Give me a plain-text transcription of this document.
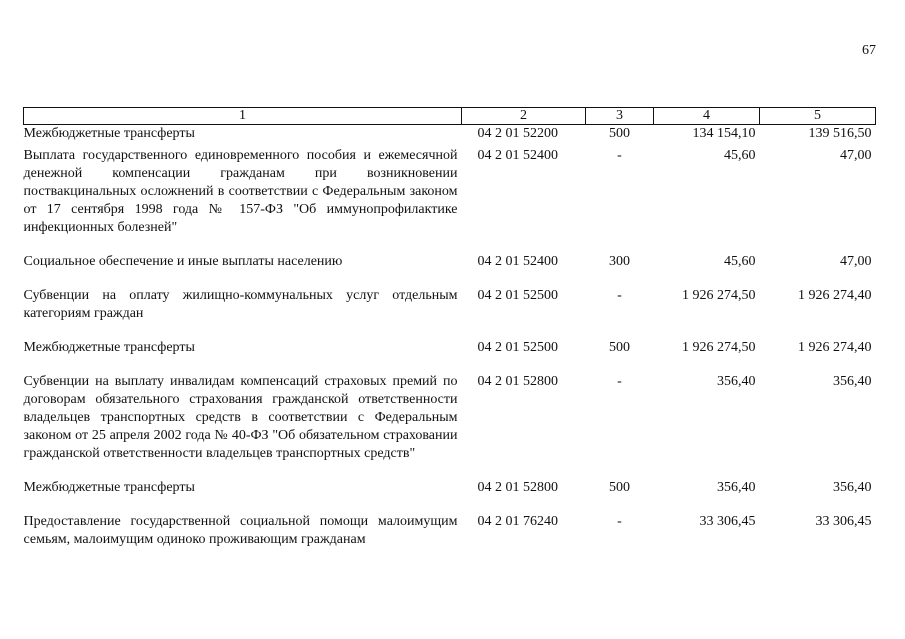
67
1	2	3	4	5
Межбюджетные трансферты	04 2 01 52200	500	134 154,10	139 516,50
Выплата государственного единовременного пособия и ежемесячной денежной компенсации гражданам при возникновении поствакцинальных осложнений в соответствии с Федеральным законом от 17 сентября 1998 года № 157-ФЗ "Об иммунопрофилактике инфекционных болезней"	04 2 01 52400	-	45,60	47,00
Социальное обеспечение и иные выплаты населению	04 2 01 52400	300	45,60	47,00
Субвенции на оплату жилищно-коммунальных услуг отдельным категориям граждан	04 2 01 52500	-	1 926 274,50	1 926 274,40
Межбюджетные трансферты	04 2 01 52500	500	1 926 274,50	1 926 274,40
Субвенции на выплату инвалидам компенсаций страховых премий по договорам обязательного страхования гражданской ответственности владельцев транспортных средств в соответствии с Федеральным законом от 25 апреля 2002 года № 40-ФЗ "Об обязательном страховании гражданской ответственности владельцев транспортных средств"	04 2 01 52800	-	356,40	356,40
Межбюджетные трансферты	04 2 01 52800	500	356,40	356,40
Предоставление государственной социальной помощи малоимущим семьям, малоимущим одиноко проживающим гражданам	04 2 01 76240	-	33 306,45	33 306,45
